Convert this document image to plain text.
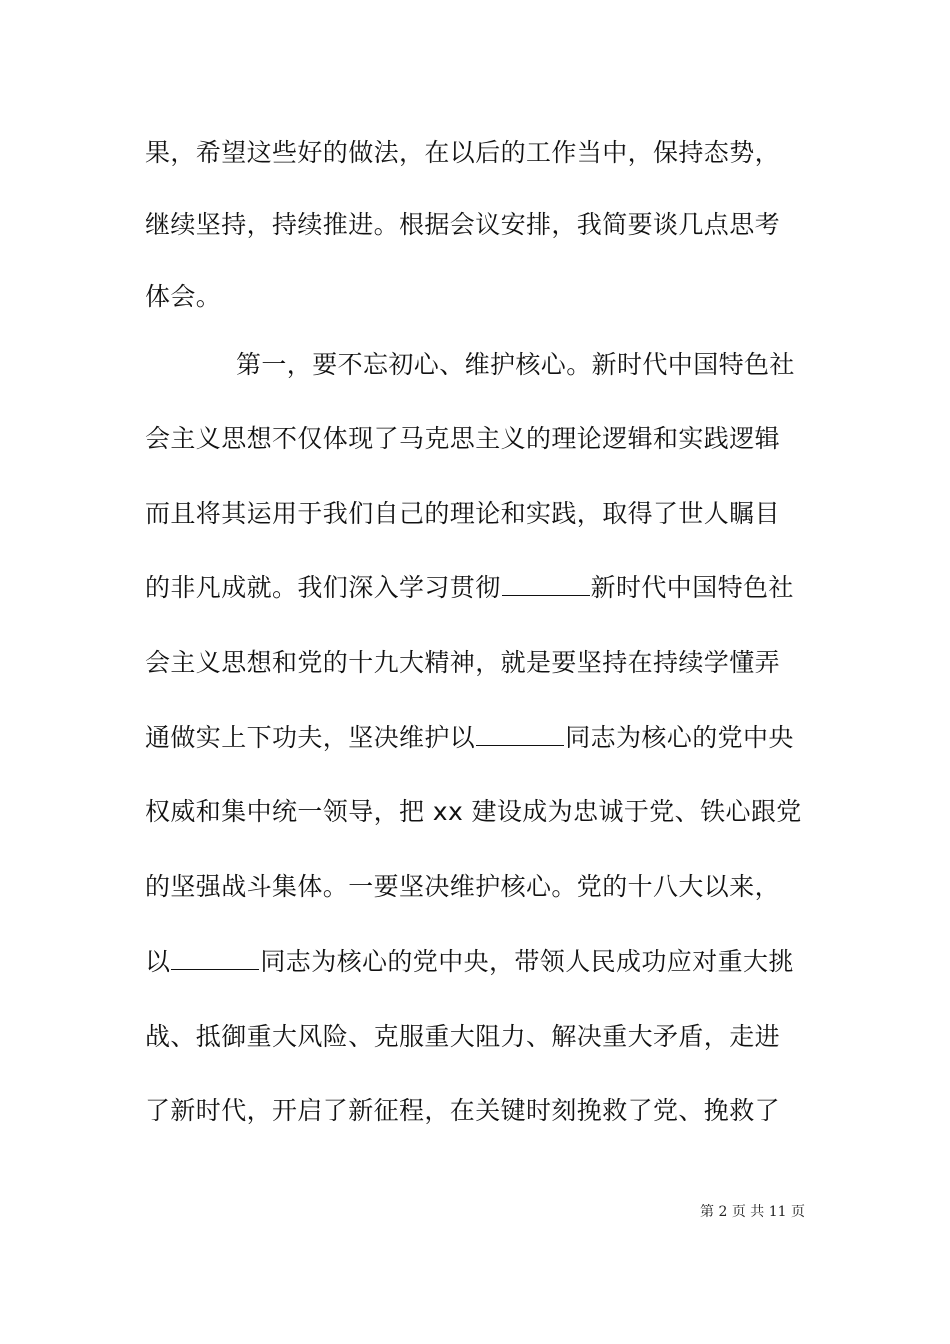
果，希望这些好的做法，在以后的工作当中，保持态势，
继续坚持，持续推进。根据会议安排，我简要谈几点思考
体会。
第一，要不忘初心、维护核心。新时代中国特色社
会主义思想不仅体现了马克思主义的理论逻辑和实践逻辑
而且将其运用于我们自己的理论和实践，取得了世人瞩目
的非凡成就。我们深入学习贯彻	新时代中国特色社
会主义思想和党的十九大精神，就是要坚持在持续学懂弄
通做实上下功夫，坚决维护以	同志为核心的党中央
权威和集中统一领导，把 xx 建设成为忠诚于党、铁心跟党
的坚强战斗集体。一要坚决维护核心。党的十八大以来，
以	同志为核心的党中央，带领人民成功应对重大挑
战、抵御重大风险、克服重大阻力、解决重大矛盾，走进
了新时代，开启了新征程，在关键时刻挽救了党、挽救了
第 2 页 共 11 页
